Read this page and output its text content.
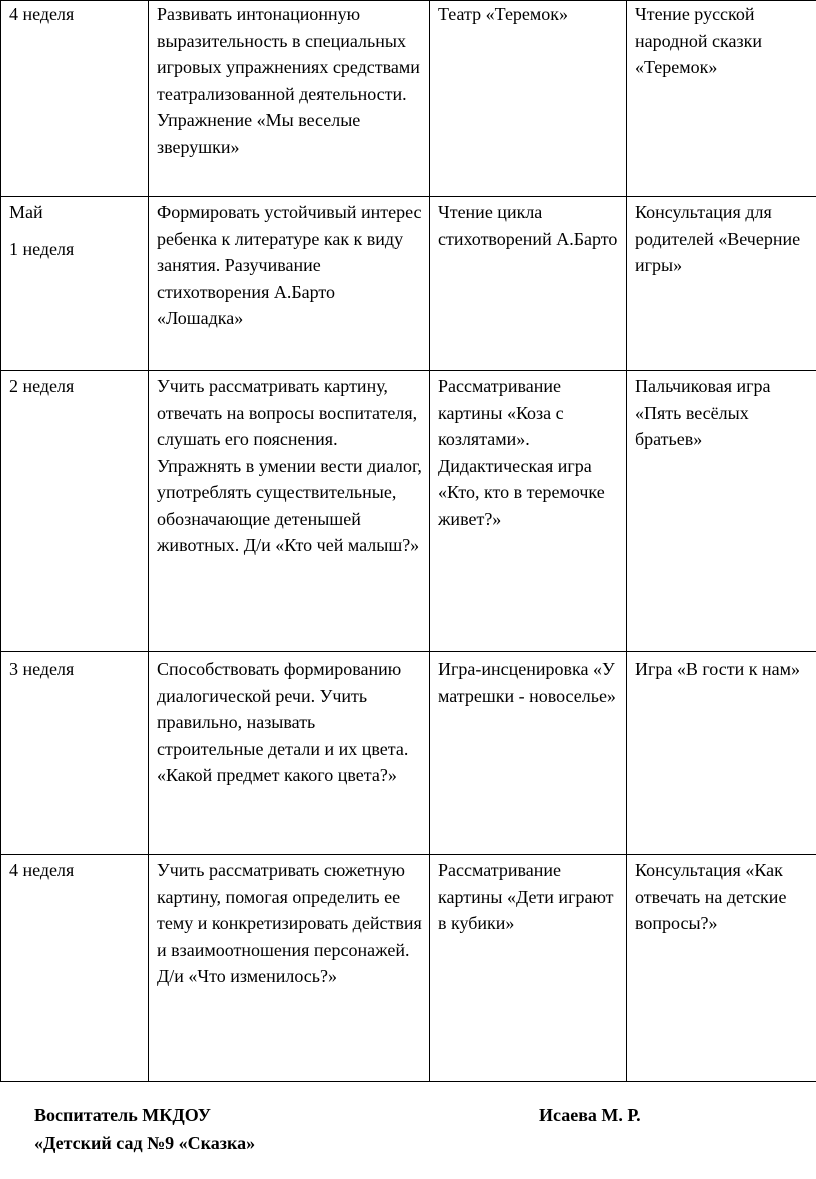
4 неделя	Развивать интонационную выразительность в специальных игровых упражнениях средствами театрализованной деятельности. Упражнение «Мы веселые зверушки»	Театр «Теремок»	Чтение русской народной сказки «Теремок»

Май
1 неделя	Формировать устойчивый интерес ребенка к литературе как к виду занятия. Разучивание стихотворения А.Барто «Лошадка»	Чтение цикла стихотворений А.Барто	Консультация для родителей «Вечерние игры»
2 неделя	Учить рассматривать картину, отвечать на вопросы воспитателя, слушать его пояснения. Упражнять в умении вести диалог, употреблять существительные, обозначающие детенышей животных. Д/и «Кто чей малыш?»	Рассматривание картины «Коза с козлятами». Дидактическая игра «Кто, кто в теремочке живет?»	Пальчиковая игра «Пять весёлых братьев»
3 неделя	Способствовать формированию диалогической речи. Учить правильно, называть строительные детали и их цвета. «Какой предмет какого цвета?»	Игра-инсценировка «У матрешки - новоселье»	Игра «В гости к нам»
4 неделя	Учить рассматривать сюжетную картину, помогая определить ее тему и конкретизировать действия и взаимоотношения персонажей. Д/и «Что изменилось?»	Рассматривание картины «Дети играют в кубики»	Консультация «Как отвечать на детские вопросы?»
Воспитатель МКДОУ
«Детский сад №9 «Сказка»
Исаева М. Р.
